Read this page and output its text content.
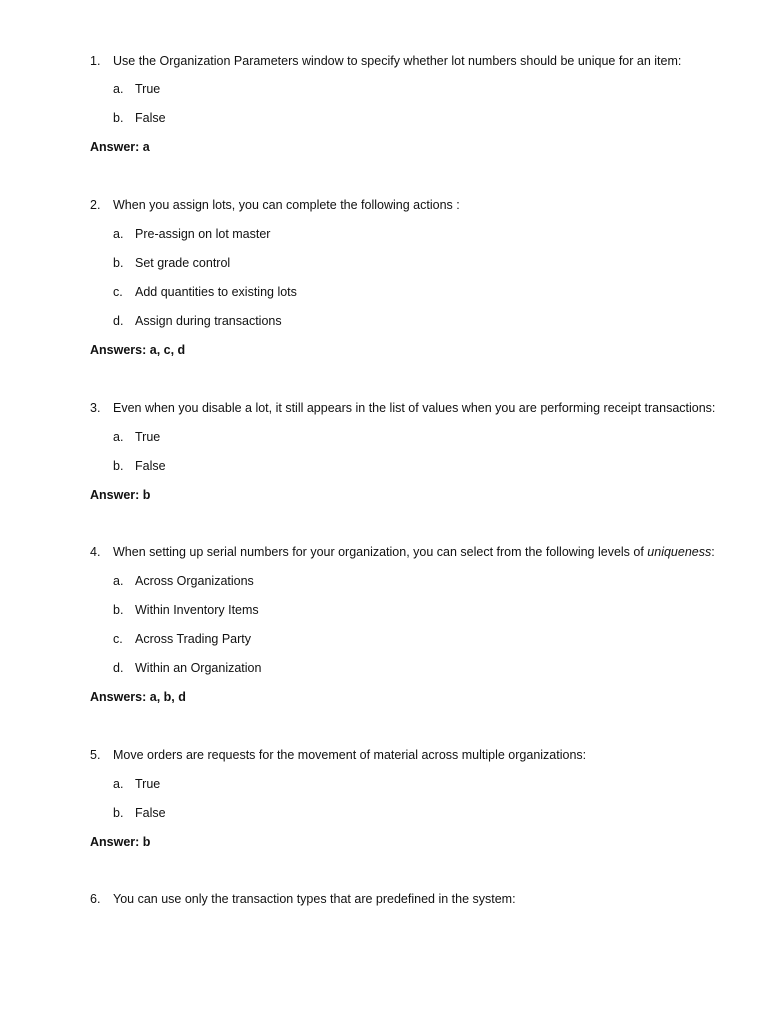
1. Use the Organization Parameters window to specify whether lot numbers should be unique for an item:
a. True
b. False
Answer: a
2. When you assign lots, you can complete the following actions :
a. Pre-assign on lot master
b. Set grade control
c. Add quantities to existing lots
d. Assign during transactions
Answers: a, c, d
3. Even when you disable a lot, it still appears in the list of values when you are performing receipt transactions:
a. True
b. False
Answer: b
4. When setting up serial numbers for your organization, you can select from the following levels of uniqueness:
a. Across Organizations
b. Within Inventory Items
c. Across Trading Party
d. Within an Organization
Answers: a, b, d
5. Move orders are requests for the movement of material across multiple organizations:
a. True
b. False
Answer: b
6. You can use only the transaction types that are predefined in the system:
